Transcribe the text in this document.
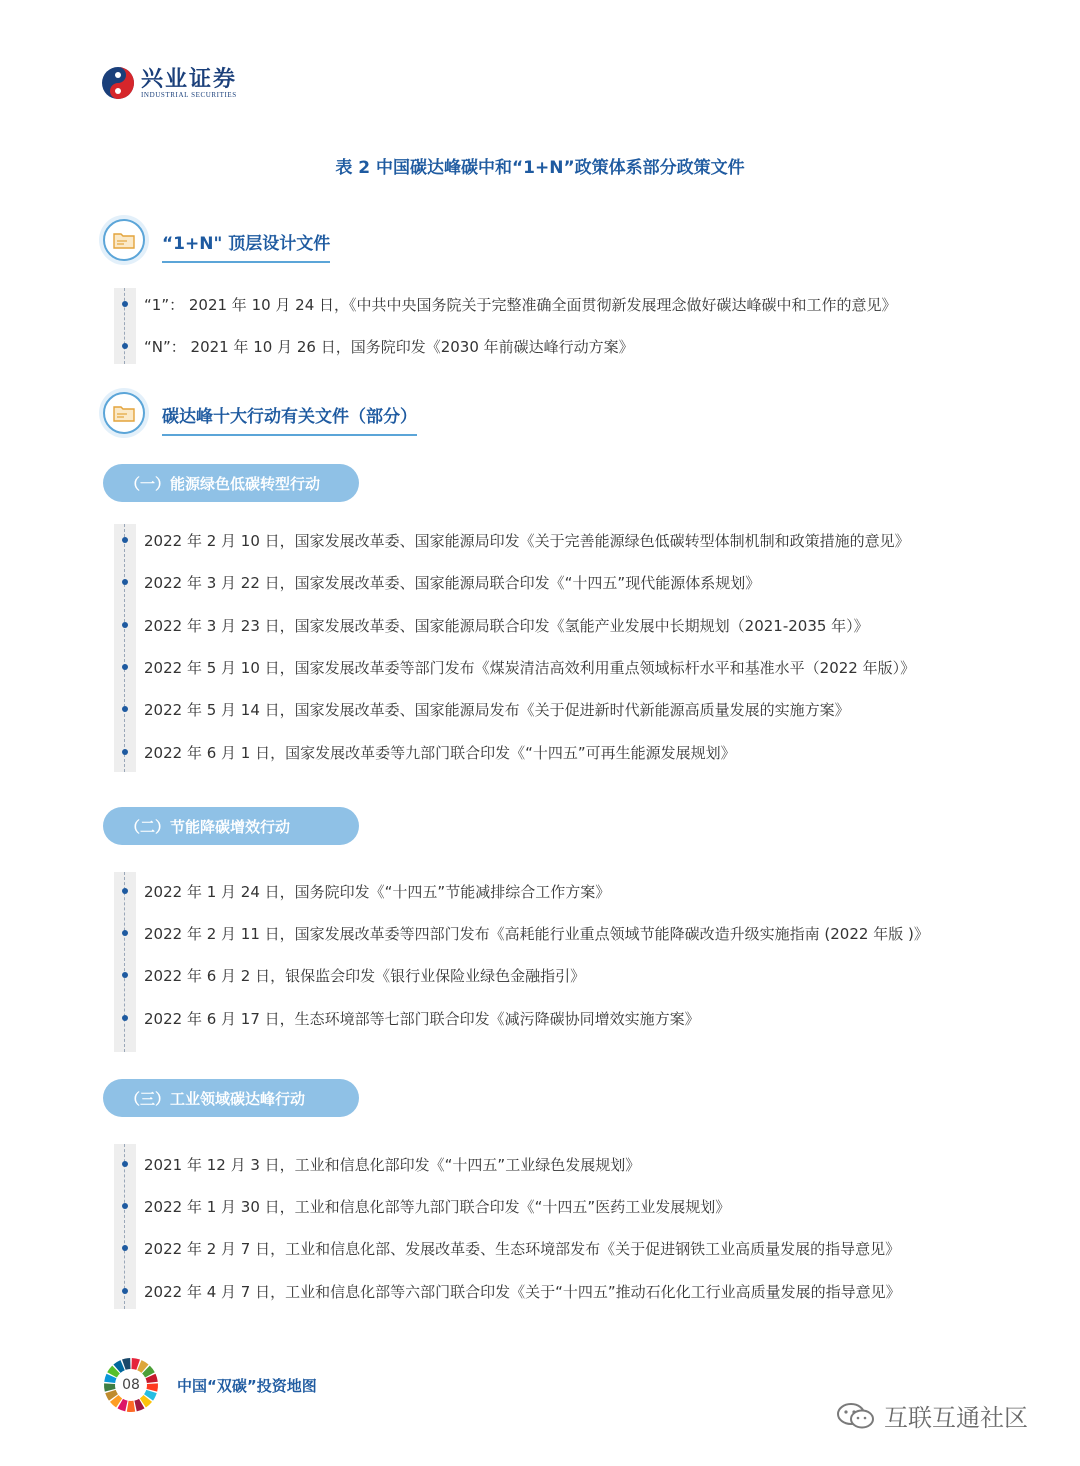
兴业证券
INDUSTRIAL SECURITIES
表 2 中国碳达峰碳中和“1+N”政策体系部分政策文件
“1+N" 顶层设计文件
“1”： 2021 年 10 月 24 日，《中共中央国务院关于完整准确全面贯彻新发展理念做好碳达峰碳中和工作的意见》
“N”： 2021 年 10 月 26 日，国务院印发《2030 年前碳达峰行动方案》
碳达峰十大行动有关文件（部分）
（一）能源绿色低碳转型行动
2022 年 2 月 10 日，国家发展改革委、国家能源局印发《关于完善能源绿色低碳转型体制机制和政策措施的意见》
2022 年 3 月 22 日，国家发展改革委、国家能源局联合印发《“十四五”现代能源体系规划》
2022 年 3 月 23 日，国家发展改革委、国家能源局联合印发《氢能产业发展中长期规划（2021-2035 年）》
2022 年 5 月 10 日，国家发展改革委等部门发布《煤炭清洁高效利用重点领域标杆水平和基准水平（2022 年版）》
2022 年 5 月 14 日，国家发展改革委、国家能源局发布《关于促进新时代新能源高质量发展的实施方案》
2022 年 6 月 1 日，国家发展改革委等九部门联合印发《“十四五”可再生能源发展规划》
（二）节能降碳增效行动
2022 年 1 月 24 日，国务院印发《“十四五”节能减排综合工作方案》
2022 年 2 月 11 日，国家发展改革委等四部门发布《高耗能行业重点领域节能降碳改造升级实施指南 (2022 年版 )》
2022 年 6 月 2 日，银保监会印发《银行业保险业绿色金融指引》
2022 年 6 月 17 日，生态环境部等七部门联合印发《减污降碳协同增效实施方案》
（三）工业领域碳达峰行动
2021 年 12 月 3 日，工业和信息化部印发《“十四五”工业绿色发展规划》
2022 年 1 月 30 日，工业和信息化部等九部门联合印发《“十四五”医药工业发展规划》
2022 年 2 月 7 日，工业和信息化部、发展改革委、生态环境部发布《关于促进钢铁工业高质量发展的指导意见》
2022 年 4 月 7 日，工业和信息化部等六部门联合印发《关于“十四五”推动石化化工行业高质量发展的指导意见》
08	中国“双碳”投资地图
互联互通社区
